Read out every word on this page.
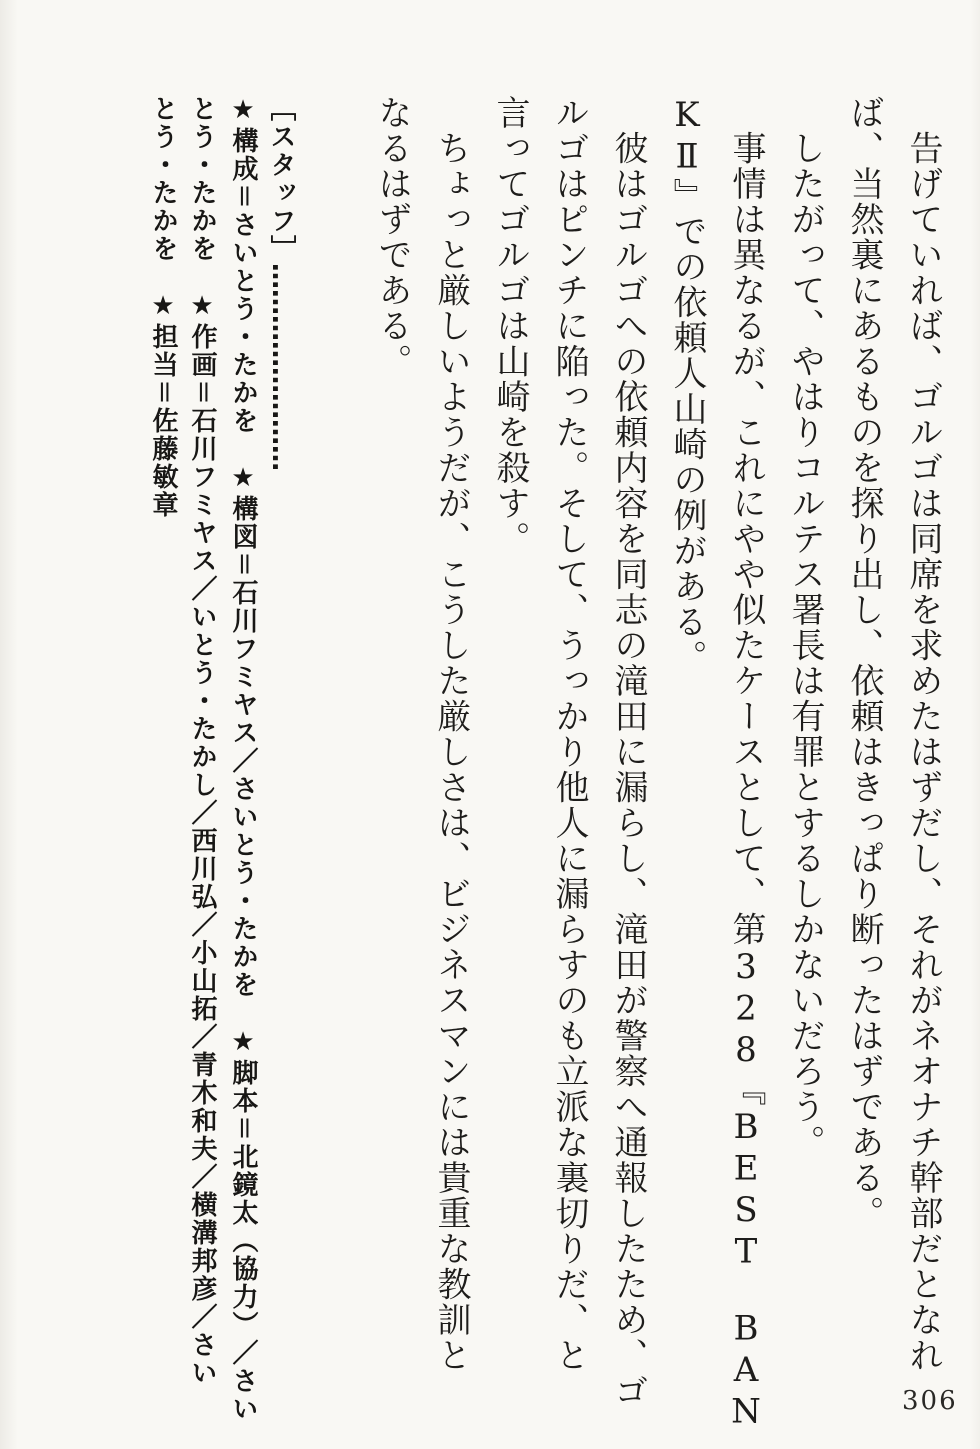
　告げていれば、ゴルゴは同席を求めたはずだし、それがネオナチ幹部だとなれ
ば、当然裏にあるものを探り出し、依頼はきっぱり断ったはずである。
　したがって、やはりコルテス署長は有罪とするしかないだろう。
　事情は異なるが、これにやや似たケースとして、第328『BEST　BAN
KⅡ』での依頼人山崎の例がある。
　彼はゴルゴへの依頼内容を同志の滝田に漏らし、滝田が警察へ通報したため、ゴ
ルゴはピンチに陥った。そして、うっかり他人に漏らすのも立派な裏切りだ、と
言ってゴルゴは山崎を殺す。
　ちょっと厳しいようだが、こうした厳しさは、ビジネスマンには貴重な教訓と
なるはずである。
［スタッフ］……………………
★構成＝さいとう・たかを　★構図＝石川フミヤス／さいとう・たかを　★脚本＝北鏡太（協力）／さい
とう・たかを　★作画＝石川フミヤス／いとう・たかし／西川弘／小山拓／青木和夫／横溝邦彦／さい
とう・たかを　★担当＝佐藤敏章
306
